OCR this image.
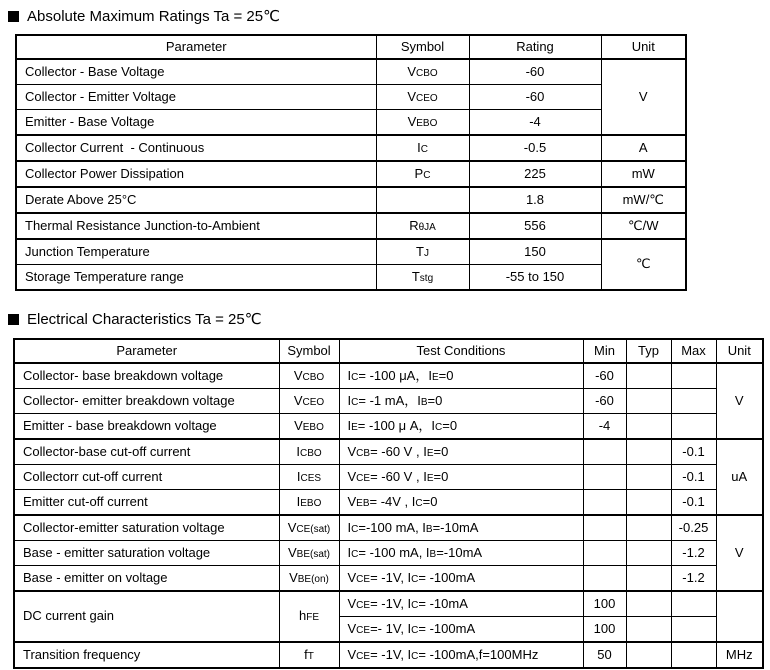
Absolute Maximum Ratings Ta = 25℃
Parameter	Symbol	Rating	Unit
Collector - Base Voltage	VCBO	-60	V
Collector - Emitter Voltage	VCEO	-60	
Emitter - Base Voltage	VEBO	-4	
Collector Current  - Continuous	IC	-0.5	A
Collector Power Dissipation	PC	225	mW
Derate Above 25°C		1.8	mW/℃
Thermal Resistance Junction-to-Ambient	RθJA	556	℃/W
Junction Temperature	TJ	150	℃
Storage Temperature range	Tstg	-55 to 150	
Electrical Characteristics Ta = 25℃
Parameter	Symbol	Test Conditions	Min	Typ	Max	Unit
Collector- base breakdown voltage	VCBO	IC= -100 μA，IE=0	-60			V
Collector- emitter breakdown voltage	VCEO	IC= -1 mA，IB=0	-60			
Emitter - base breakdown voltage	VEBO	IE= -100 μ A，IC=0	-4			
Collector-base cut-off current	ICBO	VCB= -60 V , IE=0			-0.1	uA
Collectorr cut-off current	ICES	VCE= -60 V , IE=0			-0.1	
Emitter cut-off current	IEBO	VEB= -4V , IC=0			-0.1	
Collector-emitter saturation voltage	VCE(sat)	IC=-100 mA, IB=-10mA			-0.25	V
Base - emitter saturation voltage	VBE(sat)	IC= -100 mA, IB=-10mA			-1.2	
Base - emitter on voltage	VBE(on)	VCE= -1V, IC= -100mA			-1.2	
DC current gain	hFE	VCE= -1V, IC= -10mA	100			
		VCE=- 1V, IC= -100mA	100			
Transition frequency	fT	VCE= -1V, IC= -100mA,f=100MHz	50			MHz
